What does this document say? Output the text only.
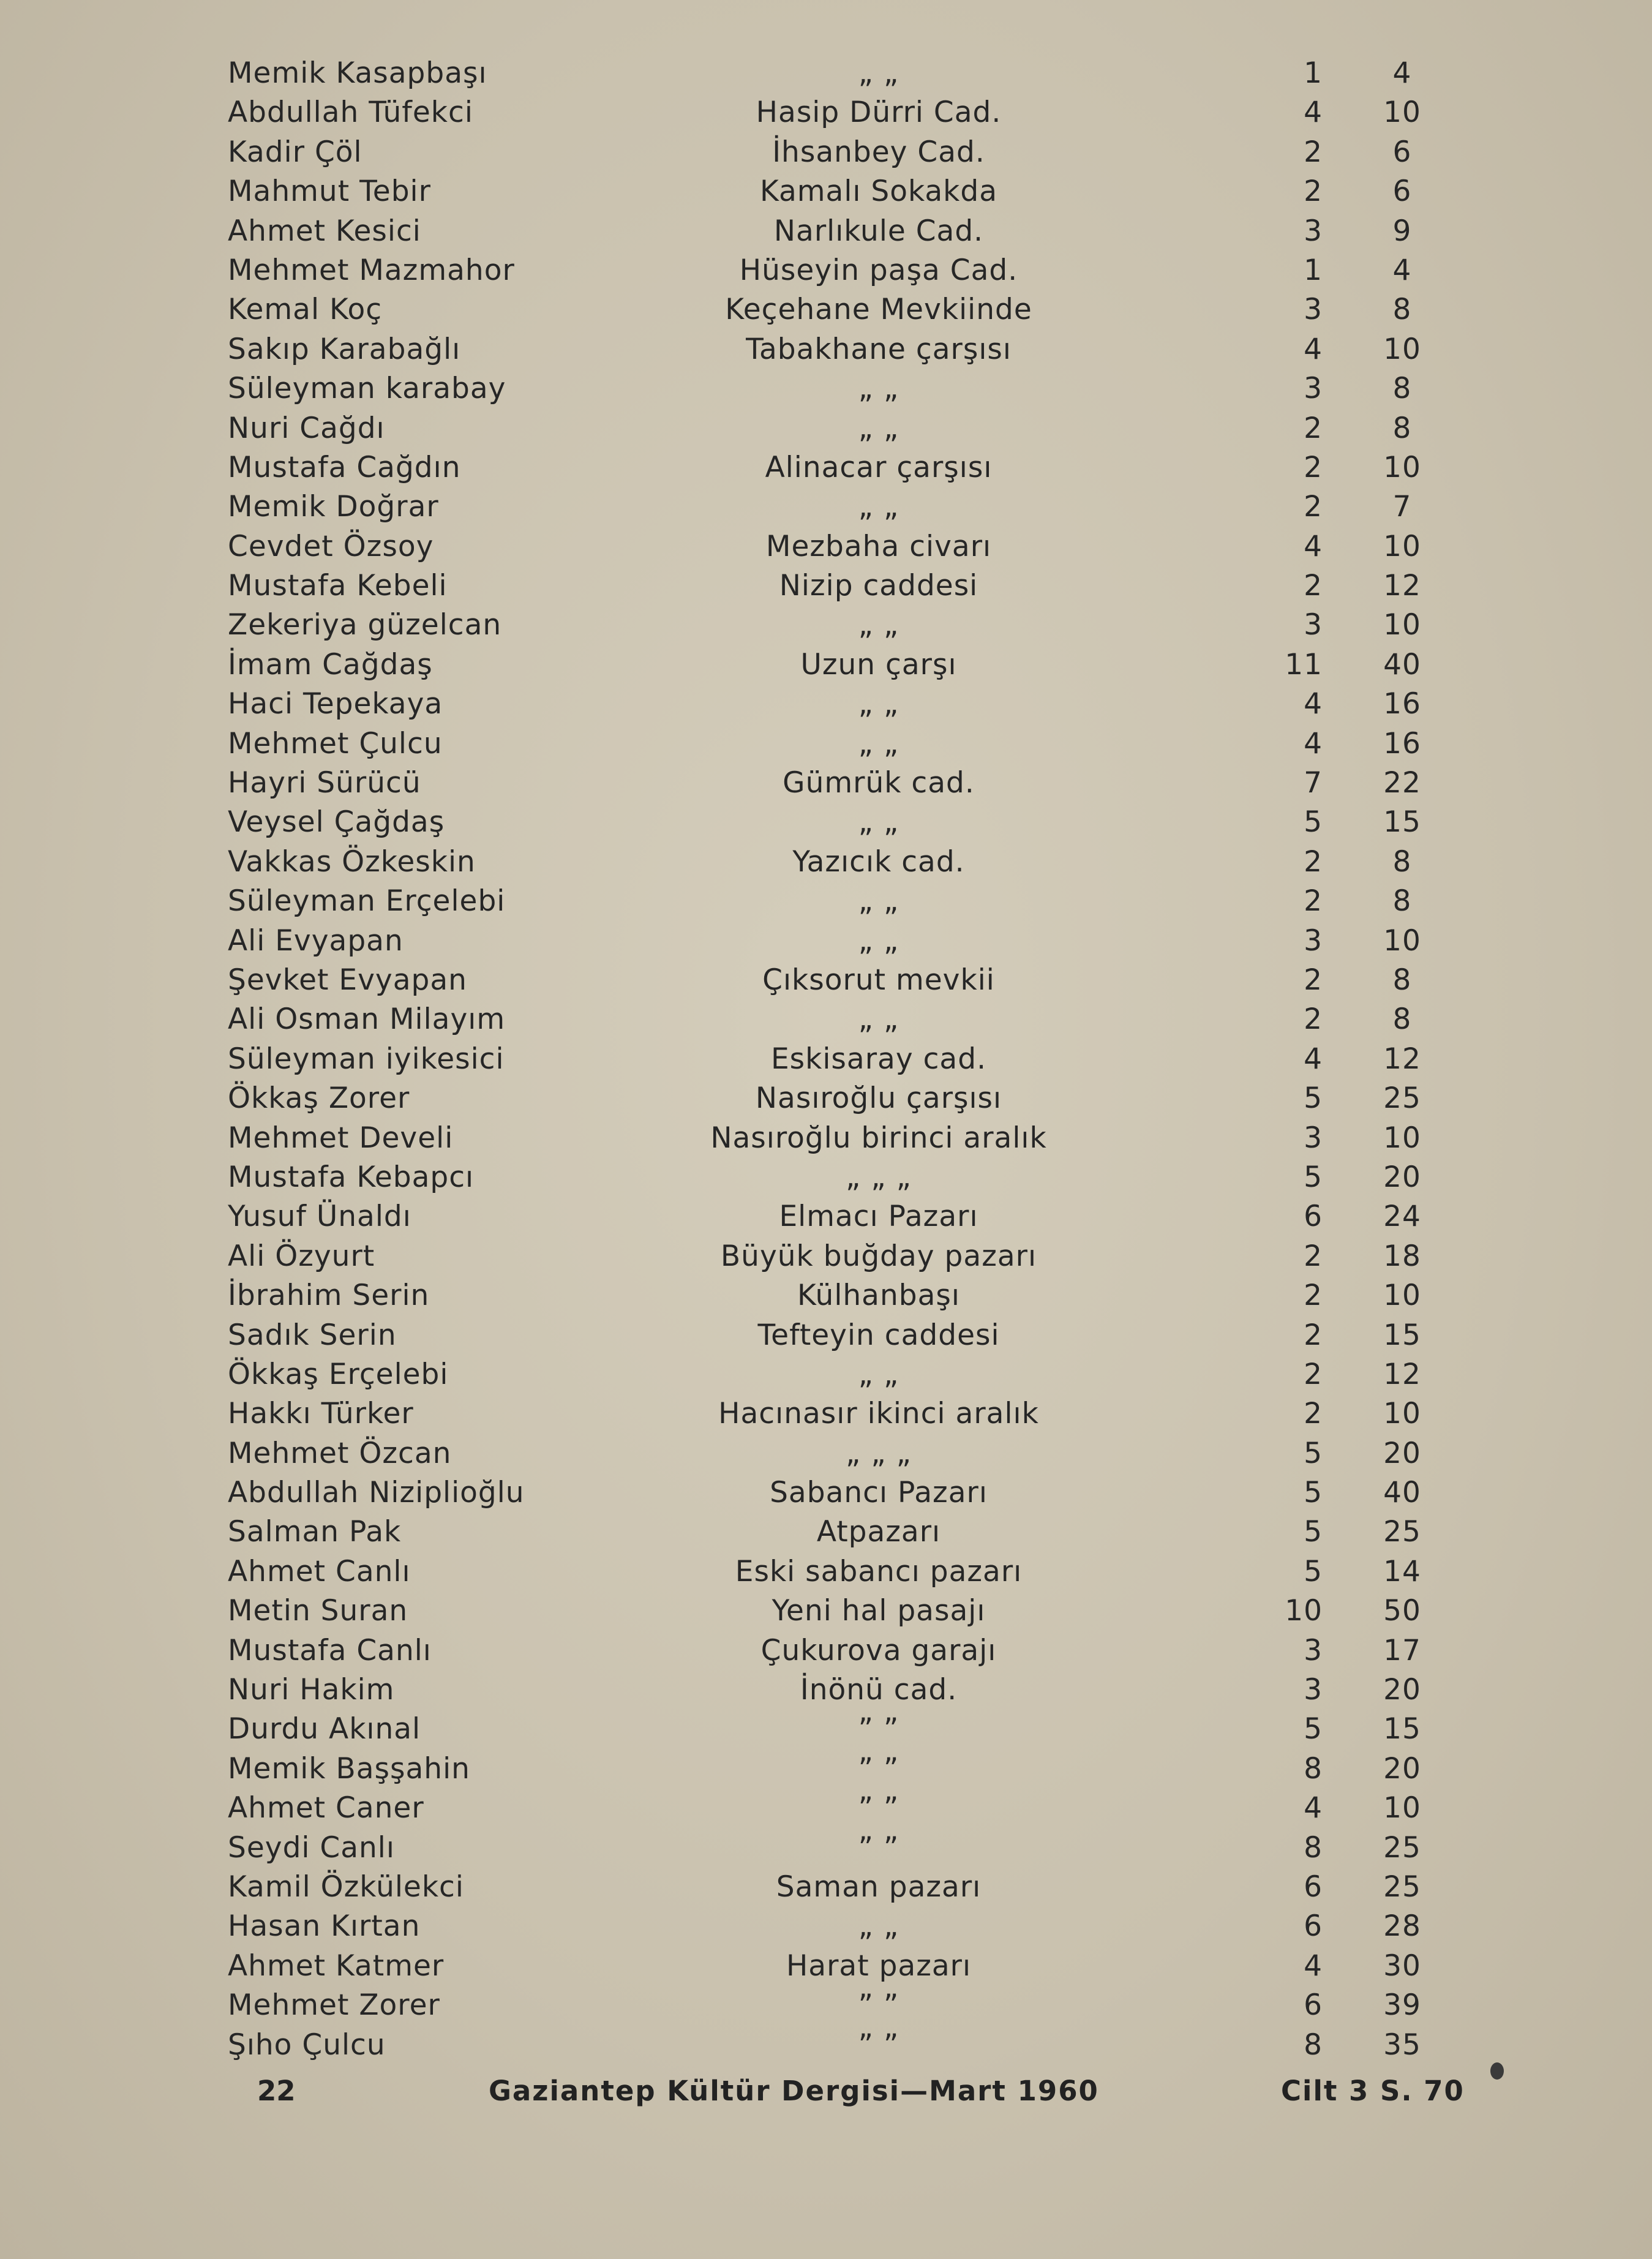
Memik Kasapbaşı	„ „	1	4
Abdullah Tüfekci	Hasip Dürri Cad.	4	10
Kadir Çöl	İhsanbey Cad.	2	6
Mahmut Tebir	Kamalı Sokakda	2	6
Ahmet Kesici	Narlıkule Cad.	3	9
Mehmet Mazmahor	Hüseyin paşa Cad.	1	4
Kemal Koç	Keçehane Mevkiinde	3	8
Sakıp Karabağlı	Tabakhane çarşısı	4	10
Süleyman karabay	„ „	3	8
Nuri Cağdı	„ „	2	8
Mustafa Cağdın	Alinacar çarşısı	2	10
Memik Doğrar	„ „	2	7
Cevdet Özsoy	Mezbaha civarı	4	10
Mustafa Kebeli	Nizip caddesi	2	12
Zekeriya güzelcan	„ „	3	10
İmam Cağdaş	Uzun çarşı	11	40
Haci Tepekaya	„ „	4	16
Mehmet Çulcu	„ „	4	16
Hayri Sürücü	Gümrük cad.	7	22
Veysel Çağdaş	„ „	5	15
Vakkas Özkeskin	Yazıcık cad.	2	8
Süleyman Erçelebi	„ „	2	8
Ali Evyapan	„ „	3	10
Şevket Evyapan	Çıksorut mevkii	2	8
Ali Osman Milayım	„ „	2	8
Süleyman iyikesici	Eskisaray cad.	4	12
Ökkaş Zorer	Nasıroğlu çarşısı	5	25
Mehmet Develi	Nasıroğlu birinci aralık	3	10
Mustafa Kebapcı	„ „ „	5	20
Yusuf Ünaldı	Elmacı Pazarı	6	24
Ali Özyurt	Büyük buğday pazarı	2	18
İbrahim Serin	Külhanbaşı	2	10
Sadık Serin	Tefteyin caddesi	2	15
Ökkaş Erçelebi	„ „	2	12
Hakkı Türker	Hacınasır ikinci aralık	2	10
Mehmet Özcan	„ „ „	5	20
Abdullah Niziplioğlu	Sabancı Pazarı	5	40
Salman Pak	Atpazarı	5	25
Ahmet Canlı	Eski sabancı pazarı	5	14
Metin Suran	Yeni hal pasajı	10	50
Mustafa Canlı	Çukurova garajı	3	17
Nuri Hakim	İnönü cad.	3	20
Durdu Akınal	” ”	5	15
Memik Başşahin	” ”	8	20
Ahmet Caner	” ”	4	10
Seydi Canlı	” ”	8	25
Kamil Özkülekci	Saman pazarı	6	25
Hasan Kırtan	„ „	6	28
Ahmet Katmer	Harat pazarı	4	30
Mehmet Zorer	” ”	6	39
Şıho Çulcu	” ”	8	35
22	Gaziantep Kültür Dergisi—Mart 1960	Cilt 3 S. 70
